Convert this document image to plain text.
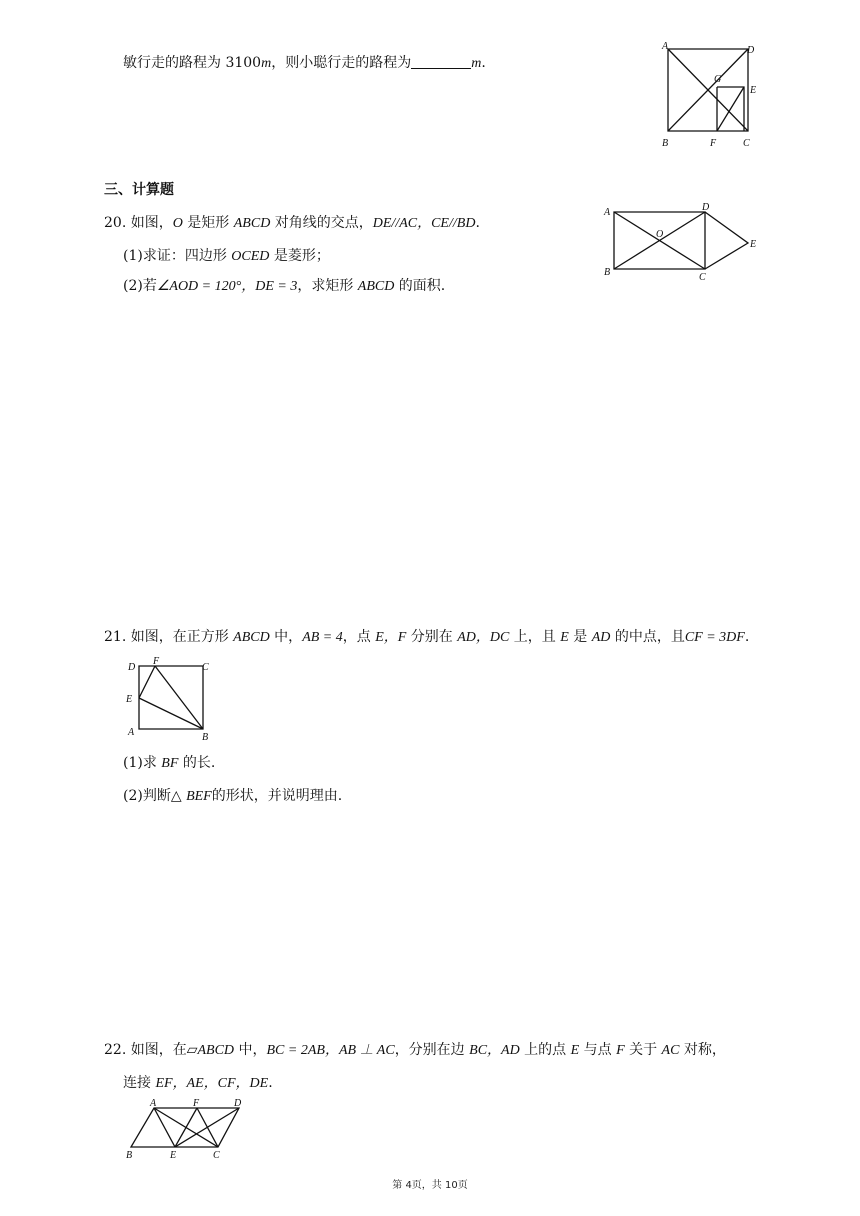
敏行走的路程为 3100m，则小聪行走的路程为	m.
A	D
G
E
B	F	C
三、计算题
20. 如图，O 是矩形 ABCD 对角线的交点，DE//AC，CE//BD.
(1)求证：四边形 OCED 是菱形；
(2)若∠AOD = 120°，DE = 3，求矩形 ABCD 的面积.
A	D
O
E
B	C
21. 如图，在正方形 ABCD 中，AB = 4，点 E，F 分别在 AD，DC 上，且 E 是 AD 的中点，且CF = 3DF.
D
F
C
E
A	B
(1)求 BF 的长.
(2)判断△ BEF的形状，并说明理由.
22. 如图，在▱ABCD 中，BC = 2AB，AB ⊥ AC，分别在边 BC，AD 上的点 E 与点 F 关于 AC 对称，
连接 EF，AE，CF，DE.
A	F	D
B	E	C
第 4页，共 10页
